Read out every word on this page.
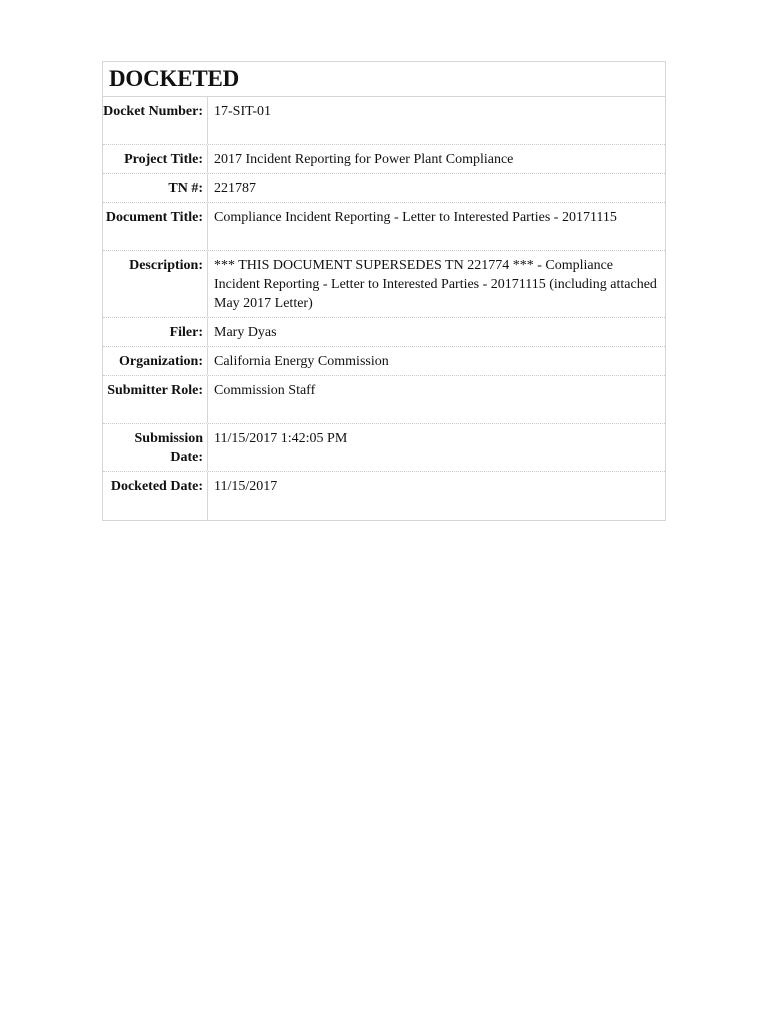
DOCKETED
Docket Number: 17-SIT-01
Project Title: 2017 Incident Reporting for Power Plant Compliance
TN #: 221787
Document Title: Compliance Incident Reporting - Letter to Interested Parties - 20171115
Description: *** THIS DOCUMENT SUPERSEDES TN 221774 *** - Compliance Incident Reporting - Letter to Interested Parties - 20171115 (including attached May 2017 Letter)
Filer: Mary Dyas
Organization: California Energy Commission
Submitter Role: Commission Staff
Submission Date:
11/15/2017 1:42:05 PM
Docketed Date: 11/15/2017
